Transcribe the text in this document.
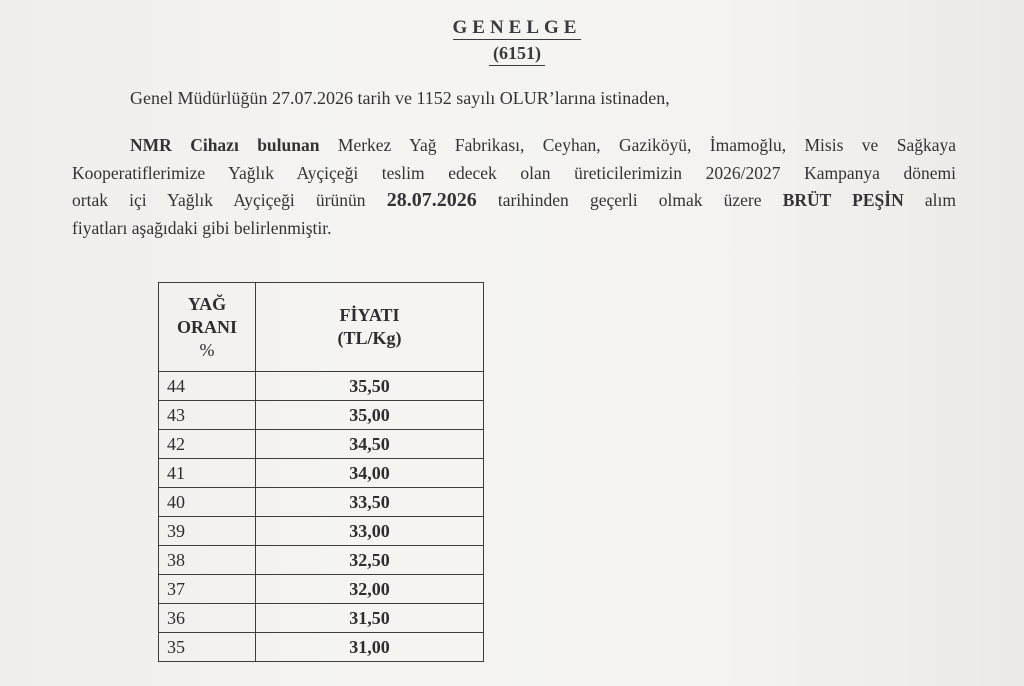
GENELGE
(6151)
Genel Müdürlüğün 27.07.2026 tarih ve 1152 sayılı OLUR’larına istinaden,
NMR Cihazı bulunan Merkez Yağ Fabrikası, Ceyhan, Gaziköyü, İmamoğlu, Misis ve Sağkaya
Kooperatiflerimize Yağlık Ayçiçeği teslim edecek olan üreticilerimizin 2026/2027 Kampanya dönemi
ortak içi Yağlık Ayçiçeği ürünün 28.07.2026 tarihinden geçerli olmak üzere BRÜT PEŞİN alım
fiyatları aşağıdaki gibi belirlenmiştir.
YAĞ
ORANI
%	FİYATI
(TL/Kg)

44	35,50
43	35,00
42	34,50
41	34,00
40	33,50
39	33,00
38	32,50
37	32,00
36	31,50
35	31,00
